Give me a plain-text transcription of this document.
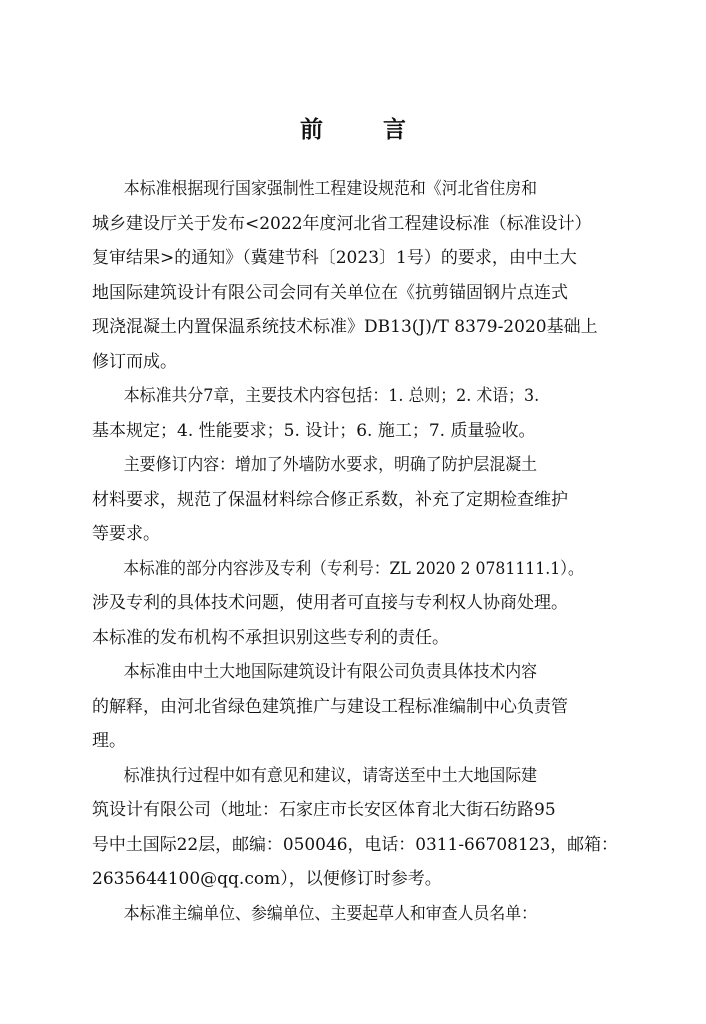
前 言

本标准根据现行国家强制性工程建设规范和《河北省住房和
城乡建设厅关于发布<2022年度河北省工程建设标准（标准设计）
复审结果>的通知》（冀建节科〔2023〕1号）的要求，由中土大
地国际建筑设计有限公司会同有关单位在《抗剪锚固钢片点连式
现浇混凝土内置保温系统技术标准》DB13(J)/T 8379-2020基础上
修订而成。

本标准共分7章，主要技术内容包括：1. 总则；2. 术语；3.
基本规定；4. 性能要求；5. 设计；6. 施工；7. 质量验收。

主要修订内容：增加了外墙防水要求，明确了防护层混凝土
材料要求，规范了保温材料综合修正系数，补充了定期检查维护
等要求。

本标准的部分内容涉及专利（专利号：ZL 2020 2 0781111.1）。
涉及专利的具体技术问题，使用者可直接与专利权人协商处理。
本标准的发布机构不承担识别这些专利的责任。

本标准由中土大地国际建筑设计有限公司负责具体技术内容
的解释，由河北省绿色建筑推广与建设工程标准编制中心负责管
理。

标准执行过程中如有意见和建议，请寄送至中土大地国际建
筑设计有限公司（地址：石家庄市长安区体育北大街石纺路95
号中土国际22层，邮编：050046，电话：0311-66708123，邮箱：
2635644100@qq.com），以便修订时参考。

本标准主编单位、参编单位、主要起草人和审查人员名单：
